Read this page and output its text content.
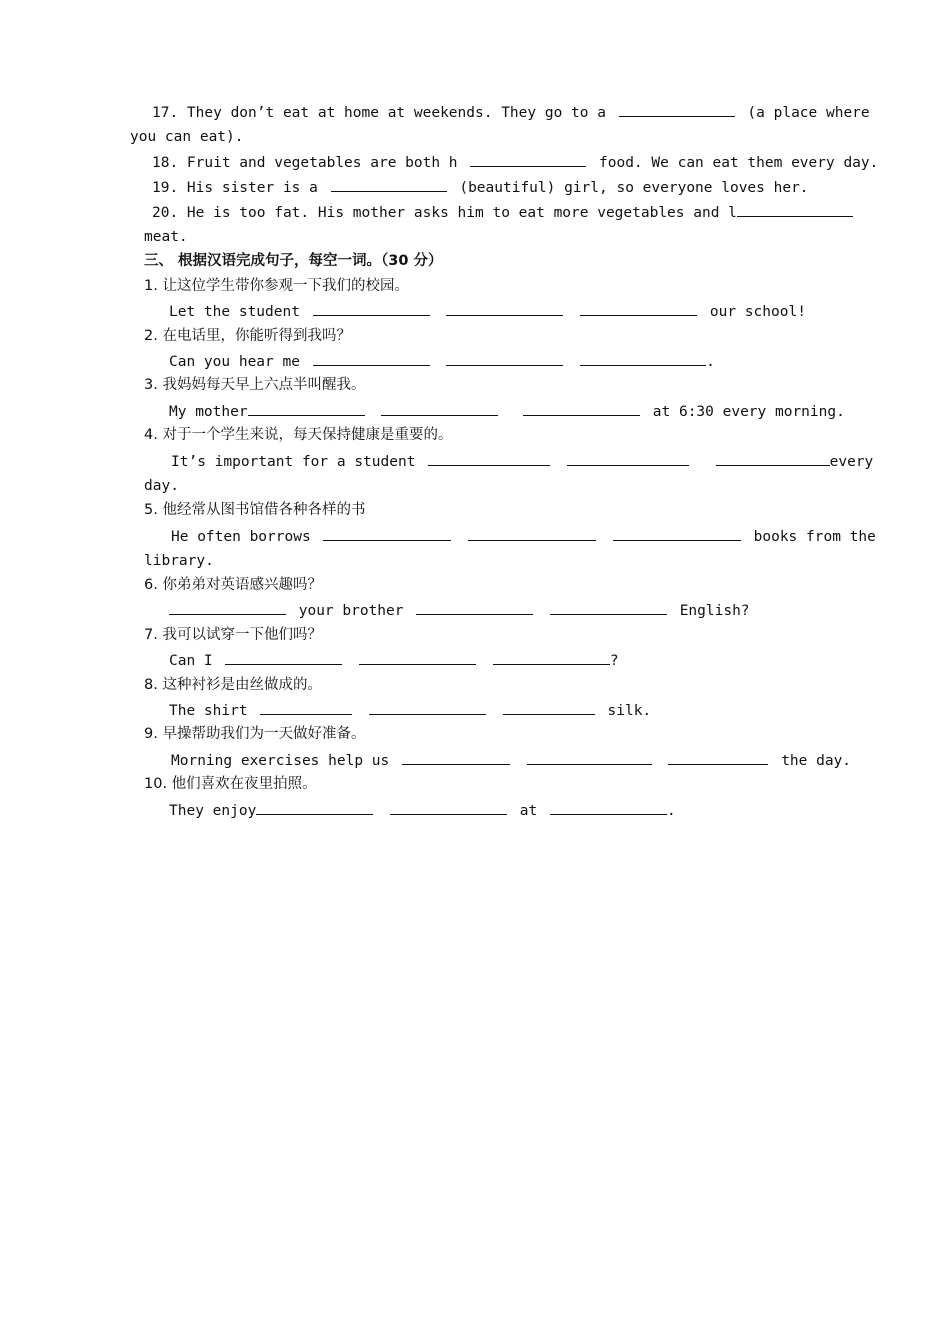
17. They don’t eat at home at weekends. They go to a	(a place where
you can eat).
18. Fruit and vegetables are both h	food. We can eat them every day.
19. His sister is a	(beautiful) girl, so everyone loves her.
20. He is too fat. His mother asks him to eat more vegetables and l
meat.
三、 根据汉语完成句子，每空一词。（30 分）
1. 让这位学生带你参观一下我们的校园。
Let the student	our school!
2. 在电话里，你能听得到我吗？
Can you hear me	.
3. 我妈妈每天早上六点半叫醒我。
My mother	at 6:30 every morning.
4. 对于一个学生来说，每天保持健康是重要的。
It’s important for a student	every
day.
5. 他经常从图书馆借各种各样的书
He often borrows	books from the
library.
6. 你弟弟对英语感兴趣吗？
your brother	English?
7. 我可以试穿一下他们吗？
Can I	?
8. 这种衬衫是由丝做成的。
The shirt	silk.
9. 早操帮助我们为一天做好准备。
Morning exercises help us	the day.
10. 他们喜欢在夜里拍照。
They enjoy	at	.
